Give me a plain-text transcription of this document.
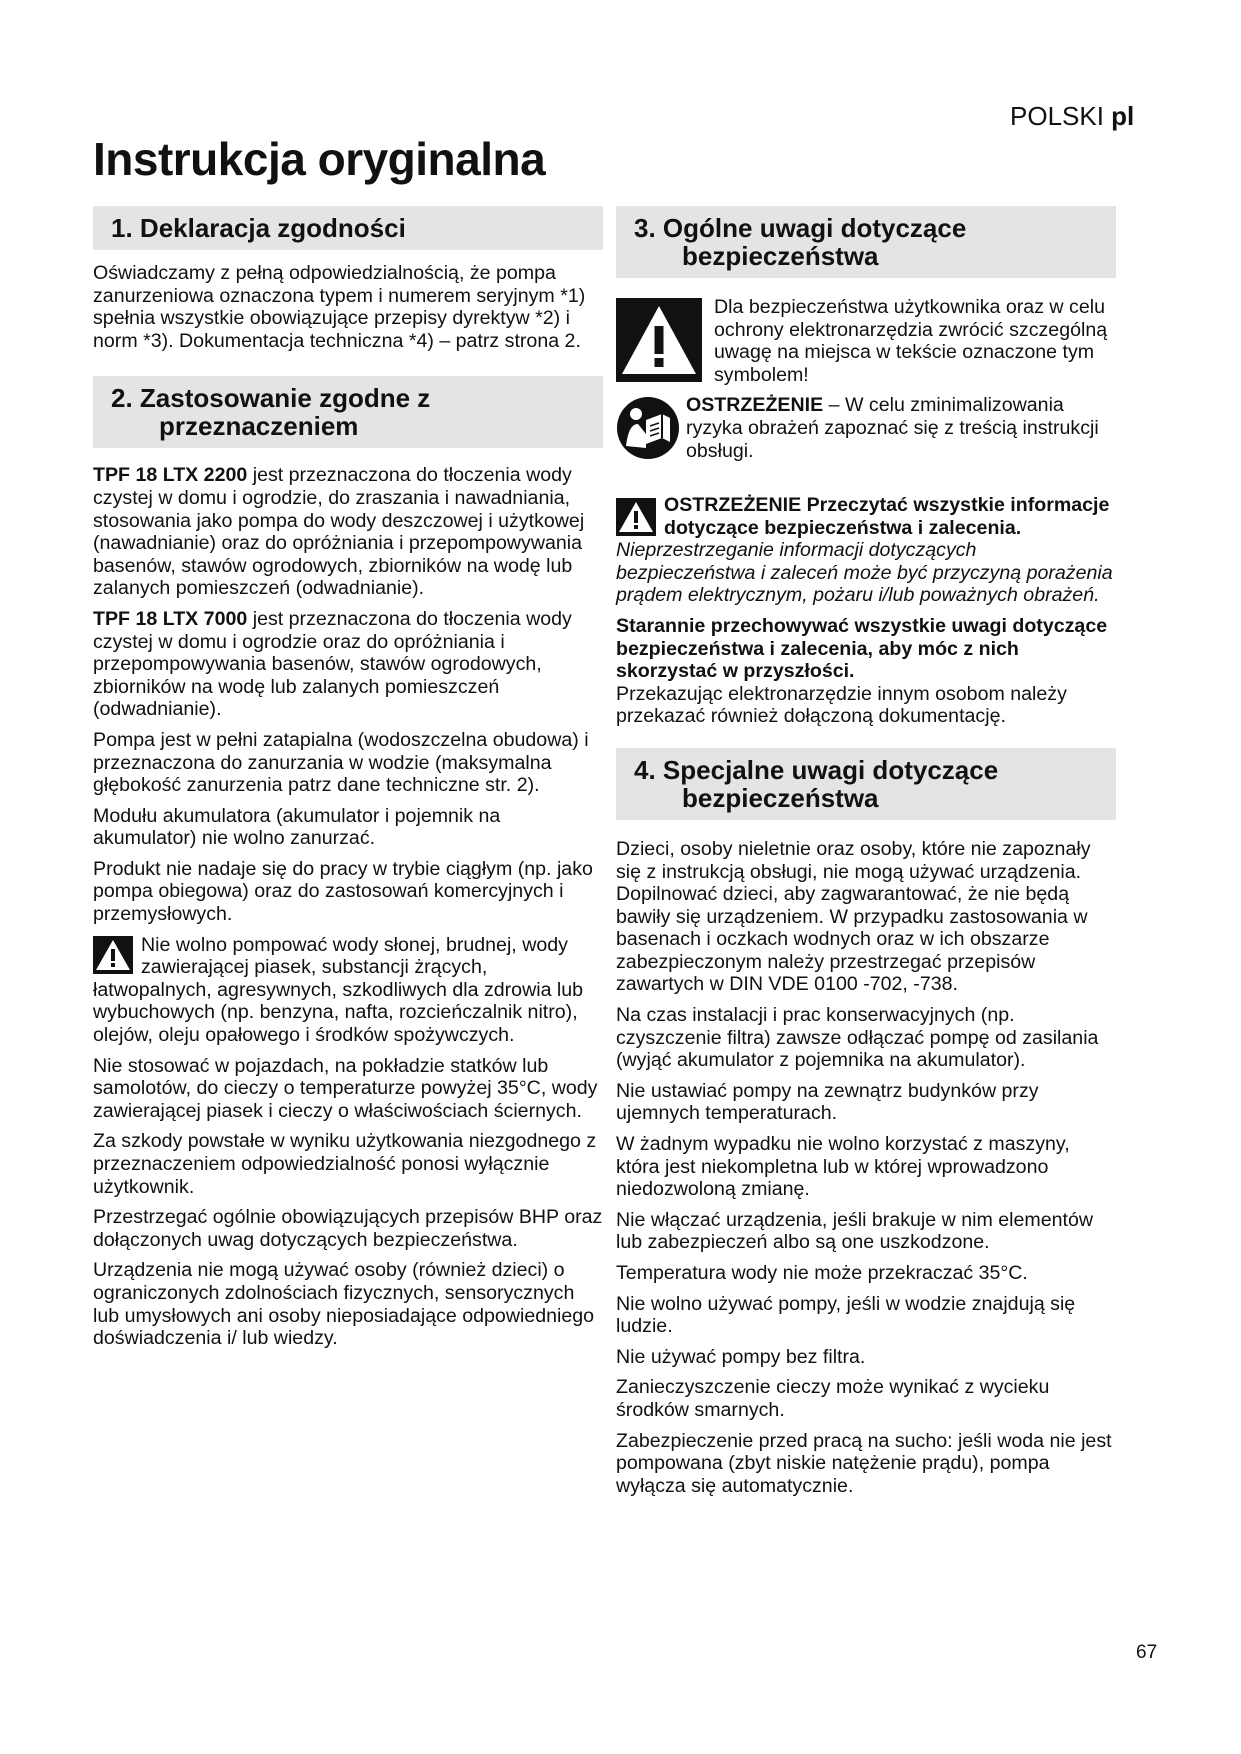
POLSKI pl
Instrukcja oryginalna
1. Deklaracja zgodności

Oświadczamy z pełną odpowiedzialnością, że pompa zanurzeniowa oznaczona typem i numerem seryjnym *1) spełnia wszystkie obowiązujące przepisy dyrektyw *2) i norm *3). Dokumentacja techniczna *4) – patrz strona 2.

2. Zastosowanie zgodne z
przeznaczeniem

TPF 18 LTX 2200 jest przeznaczona do tłoczenia wody czystej w domu i ogrodzie, do zraszania i nawadniania, stosowania jako pompa do wody deszczowej i użytkowej (nawadnianie) oraz do opróżniania i przepompowywania basenów, stawów ogrodowych, zbiorników na wodę lub zalanych pomieszczeń (odwadnianie).

TPF 18 LTX 7000 jest przeznaczona do tłoczenia wody czystej w domu i ogrodzie oraz do opróżniania i przepompowywania basenów, stawów ogrodowych, zbiorników na wodę lub zalanych pomieszczeń (odwadnianie).

Pompa jest w pełni zatapialna (wodoszczelna obudowa) i przeznaczona do zanurzania w wodzie (maksymalna głębokość zanurzenia patrz dane techniczne str. 2).

Modułu akumulatora (akumulator i pojemnik na akumulator) nie wolno zanurzać.

Produkt nie nadaje się do pracy w trybie ciągłym (np. jako pompa obiegowa) oraz do zastosowań komercyjnych i przemysłowych.

Nie wolno pompować wody słonej, brudnej, wody zawierającej piasek, substancji żrących, łatwopalnych, agresywnych, szkodliwych dla zdrowia lub wybuchowych (np. benzyna, nafta, rozcieńczalnik nitro), olejów, oleju opałowego i środków spożywczych.

Nie stosować w pojazdach, na pokładzie statków lub samolotów, do cieczy o temperaturze powyżej 35°C, wody zawierającej piasek i cieczy o właściwościach ściernych.

Za szkody powstałe w wyniku użytkowania niezgodnego z przeznaczeniem odpowiedzialność ponosi wyłącznie użytkownik.

Przestrzegać ogólnie obowiązujących przepisów BHP oraz dołączonych uwag dotyczących bezpieczeństwa.

Urządzenia nie mogą używać osoby (również dzieci) o ograniczonych zdolnościach fizycznych, sensorycznych lub umysłowych ani osoby nieposiadające odpowiedniego doświadczenia i/ lub wiedzy.

3. Ogólne uwagi dotyczące
bezpieczeństwa

Dla bezpieczeństwa użytkownika oraz w celu ochrony elektronarzędzia zwrócić szczególną uwagę na miejsca w tekście oznaczone tym symbolem!

OSTRZEŻENIE – W celu zminimalizowania ryzyka obrażeń zapoznać się z treścią instrukcji obsługi.

OSTRZEŻENIE Przeczytać wszystkie informacje dotyczące bezpieczeństwa i zalecenia. Nieprzestrzeganie informacji dotyczących bezpieczeństwa i zaleceń może być przyczyną porażenia prądem elektrycznym, pożaru i/lub poważnych obrażeń.

Starannie przechowywać wszystkie uwagi dotyczące bezpieczeństwa i zalecenia, aby móc z nich skorzystać w przyszłości.
Przekazując elektronarzędzie innym osobom należy
przekazać również dołączoną dokumentację.

4. Specjalne uwagi dotyczące
bezpieczeństwa

Dzieci, osoby nieletnie oraz osoby, które nie zapoznały się z instrukcją obsługi, nie mogą używać urządzenia. Dopilnować dzieci, aby zagwarantować, że nie będą bawiły się urządzeniem. W przypadku zastosowania w basenach i oczkach wodnych oraz w ich obszarze zabezpieczonym należy przestrzegać przepisów zawartych w DIN VDE 0100 -702, -738.

Na czas instalacji i prac konserwacyjnych (np. czyszczenie filtra) zawsze odłączać pompę od zasilania (wyjąć akumulator z pojemnika na akumulator).

Nie ustawiać pompy na zewnątrz budynków przy ujemnych temperaturach.

W żadnym wypadku nie wolno korzystać z maszyny, która jest niekompletna lub w której wprowadzono niedozwoloną zmianę.

Nie włączać urządzenia, jeśli brakuje w nim elementów lub zabezpieczeń albo są one uszkodzone.

Temperatura wody nie może przekraczać 35°C.

Nie wolno używać pompy, jeśli w wodzie znajdują się ludzie.

Nie używać pompy bez filtra.

Zanieczyszczenie cieczy może wynikać z wycieku środków smarnych.

Zabezpieczenie przed pracą na sucho: jeśli woda nie jest pompowana (zbyt niskie natężenie prądu), pompa wyłącza się automatycznie.

67
